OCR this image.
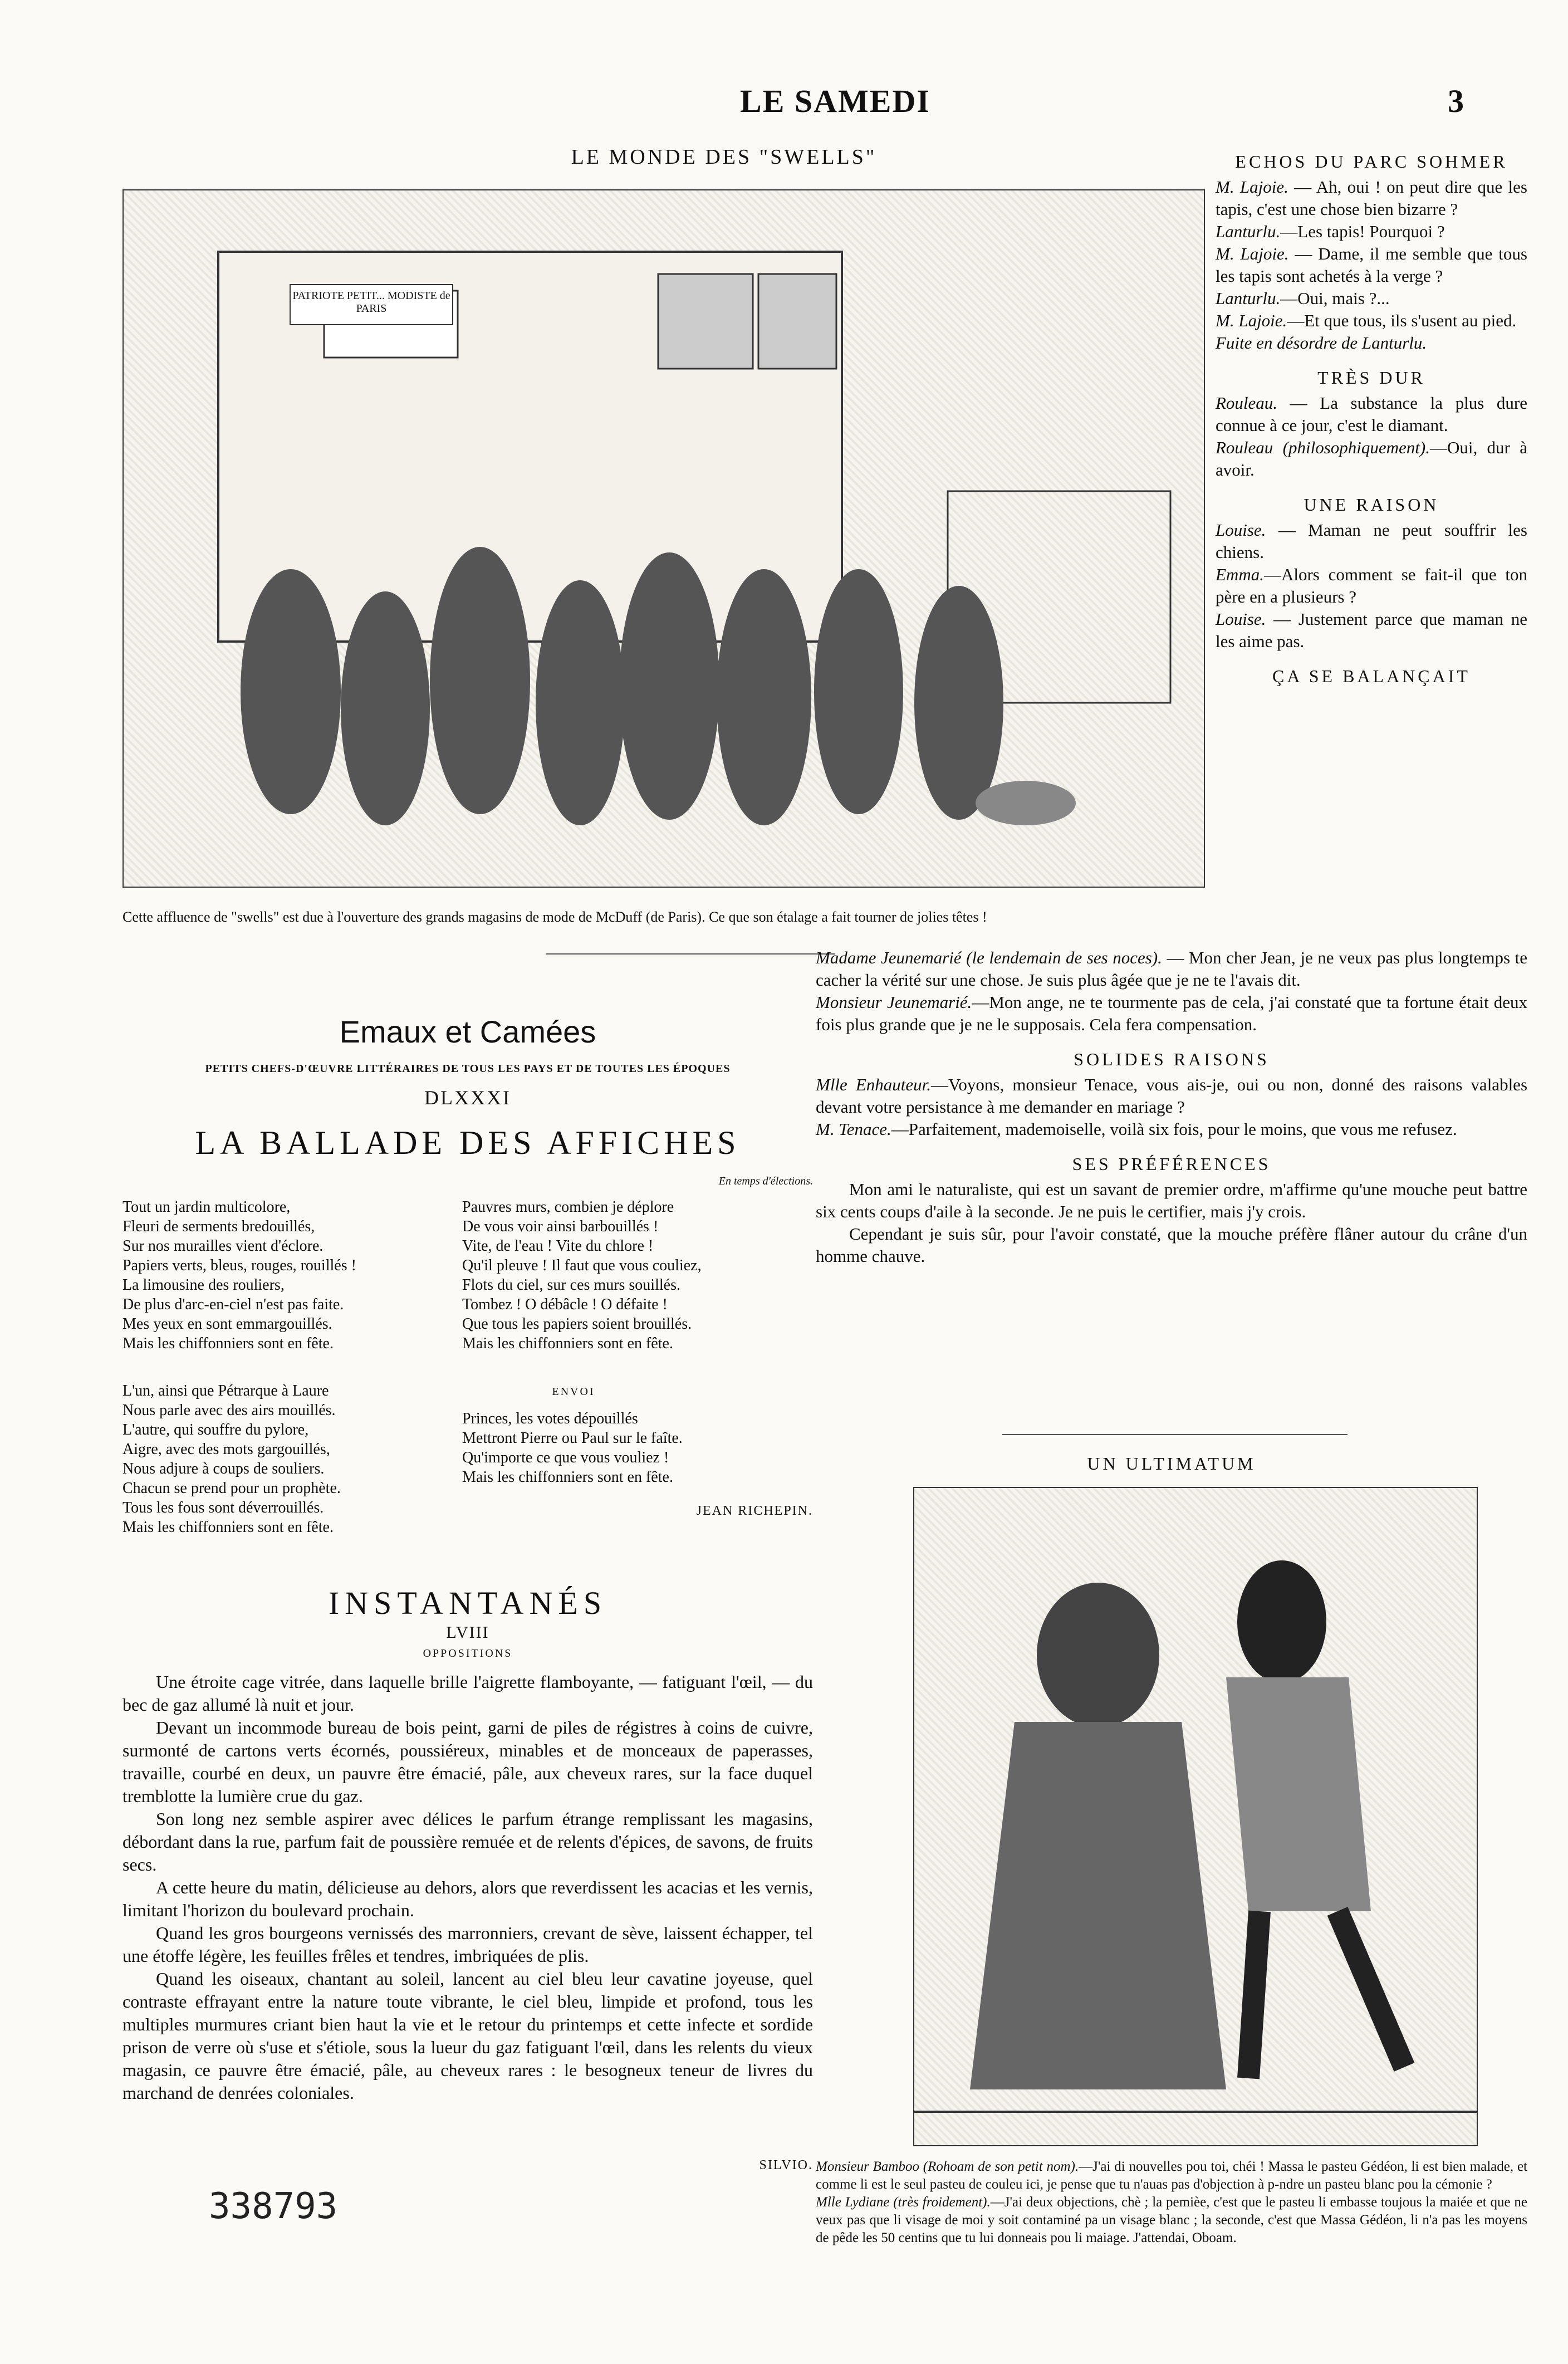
LE SAMEDI	3
LE MONDE DES "SWELLS"
PATRIOTE PETIT... MODISTE de PARIS
Cette affluence de "swells" est due à l'ouverture des grands magasins de mode de McDuff (de Paris). Ce que son étalage a fait tourner de jolies têtes !
ECHOS DU PARC SOHMER

M. Lajoie. — Ah, oui ! on peut dire que les tapis, c'est une chose bien bizarre ?

Lanturlu.—Les tapis! Pourquoi ?

M. Lajoie. — Dame, il me semble que tous les tapis sont achetés à la verge ?

Lanturlu.—Oui, mais ?...

M. Lajoie.—Et que tous, ils s'usent au pied.

Fuite en désordre de Lanturlu.

TRÈS DUR

Rouleau. — La substance la plus dure connue à ce jour, c'est le diamant.

Rouleau (philosophiquement).—Oui, dur à avoir.

UNE RAISON

Louise. — Maman ne peut souffrir les chiens.

Emma.—Alors comment se fait-il que ton père en a plusieurs ?

Louise. — Justement parce que maman ne les aime pas.

ÇA SE BALANÇAIT

Madame Jeunemarié (le lendemain de ses noces). — Mon cher Jean, je ne veux pas plus longtemps te cacher la vérité sur une chose. Je suis plus âgée que je ne te l'avais dit.

Monsieur Jeunemarié.—Mon ange, ne te tourmente pas de cela, j'ai constaté que ta fortune était deux fois plus grande que je ne le supposais. Cela fera compensation.

SOLIDES RAISONS

Mlle Enhauteur.—Voyons, monsieur Tenace, vous ais-je, oui ou non, donné des raisons valables devant votre persistance à me demander en mariage ?

M. Tenace.—Parfaitement, mademoiselle, voilà six fois, pour le moins, que vous me refusez.

SES PRÉFÉRENCES

Mon ami le naturaliste, qui est un savant de premier ordre, m'affirme qu'une mouche peut battre six cents coups d'aile à la seconde. Je ne puis le certifier, mais j'y crois.

Cependant je suis sûr, pour l'avoir constaté, que la mouche préfère flâner autour du crâne d'un homme chauve.

UN ULTIMATUM
Monsieur Bamboo (Rohoam de son petit nom).—J'ai di nouvelles pou toi, chéi ! Massa le pasteu Gédéon, li est bien malade, et comme li est le seul pasteu de couleu ici, je pense que tu n'auas pas d'objection à p-ndre un pasteu blanc pou la cémonie ?
Mlle Lydiane (très froidement).—J'ai deux objections, chè ; la pemièe, c'est que le pasteu li embasse toujous la maiée et que ne veux pas que li visage de moi y soit contaminé pa un visage blanc ; la seconde, c'est que Massa Gédéon, li n'a pas les moyens de pêde les 50 centins que tu lui donneais pou li maiage. J'attendai, Oboam.
Emaux et Camées
PETITS CHEFS-D'ŒUVRE LITTÉRAIRES DE TOUS LES PAYS ET DE TOUTES LES ÉPOQUES
DLXXXI
LA BALLADE DES AFFICHES
En temps d'élections.
Tout un jardin multicolore,
Fleuri de serments bredouillés,
Sur nos murailles vient d'éclore.
Papiers verts, bleus, rouges, rouillés !
La limousine des rouliers,
De plus d'arc-en-ciel n'est pas faite.
Mes yeux en sont emmargouillés.
Mais les chiffonniers sont en fête.
Pauvres murs, combien je déplore
De vous voir ainsi barbouillés !
Vite, de l'eau ! Vite du chlore !
Qu'il pleuve ! Il faut que vous couliez,
Flots du ciel, sur ces murs souillés.
Tombez ! O débâcle ! O défaite !
Que tous les papiers soient brouillés.
Mais les chiffonniers sont en fête.
L'un, ainsi que Pétrarque à Laure
Nous parle avec des airs mouillés.
L'autre, qui souffre du pylore,
Aigre, avec des mots gargouillés,
Nous adjure à coups de souliers.
Chacun se prend pour un prophète.
Tous les fous sont déverrouillés.
Mais les chiffonniers sont en fête.
ENVOI
Princes, les votes dépouillés
Mettront Pierre ou Paul sur le faîte.
Qu'importe ce que vous vouliez !
Mais les chiffonniers sont en fête.
JEAN RICHEPIN.
INSTANTANÉS
LVIII
OPPOSITIONS

Une étroite cage vitrée, dans laquelle brille l'aigrette flamboyante, — fatiguant l'œil, — du bec de gaz allumé là nuit et jour.

Devant un incommode bureau de bois peint, garni de piles de régistres à coins de cuivre, surmonté de cartons verts écornés, poussiéreux, minables et de monceaux de paperasses, travaille, courbé en deux, un pauvre être émacié, pâle, aux cheveux rares, sur la face duquel tremblotte la lumière crue du gaz.

Son long nez semble aspirer avec délices le parfum étrange remplissant les magasins, débordant dans la rue, parfum fait de poussière remuée et de relents d'épices, de savons, de fruits secs.

A cette heure du matin, délicieuse au dehors, alors que reverdissent les acacias et les vernis, limitant l'horizon du boulevard prochain.

Quand les gros bourgeons vernissés des marronniers, crevant de sève, laissent échapper, tel une étoffe légère, les feuilles frêles et tendres, imbriquées de plis.

Quand les oiseaux, chantant au soleil, lancent au ciel bleu leur cavatine joyeuse, quel contraste effrayant entre la nature toute vibrante, le ciel bleu, limpide et profond, tous les multiples murmures criant bien haut la vie et le retour du printemps et cette infecte et sordide prison de verre où s'use et s'étiole, sous la lueur du gaz fatiguant l'œil, dans les relents du vieux magasin, ce pauvre être émacié, pâle, au cheveux rares : le besogneux teneur de livres du marchand de denrées coloniales.

SILVIO.
338793
